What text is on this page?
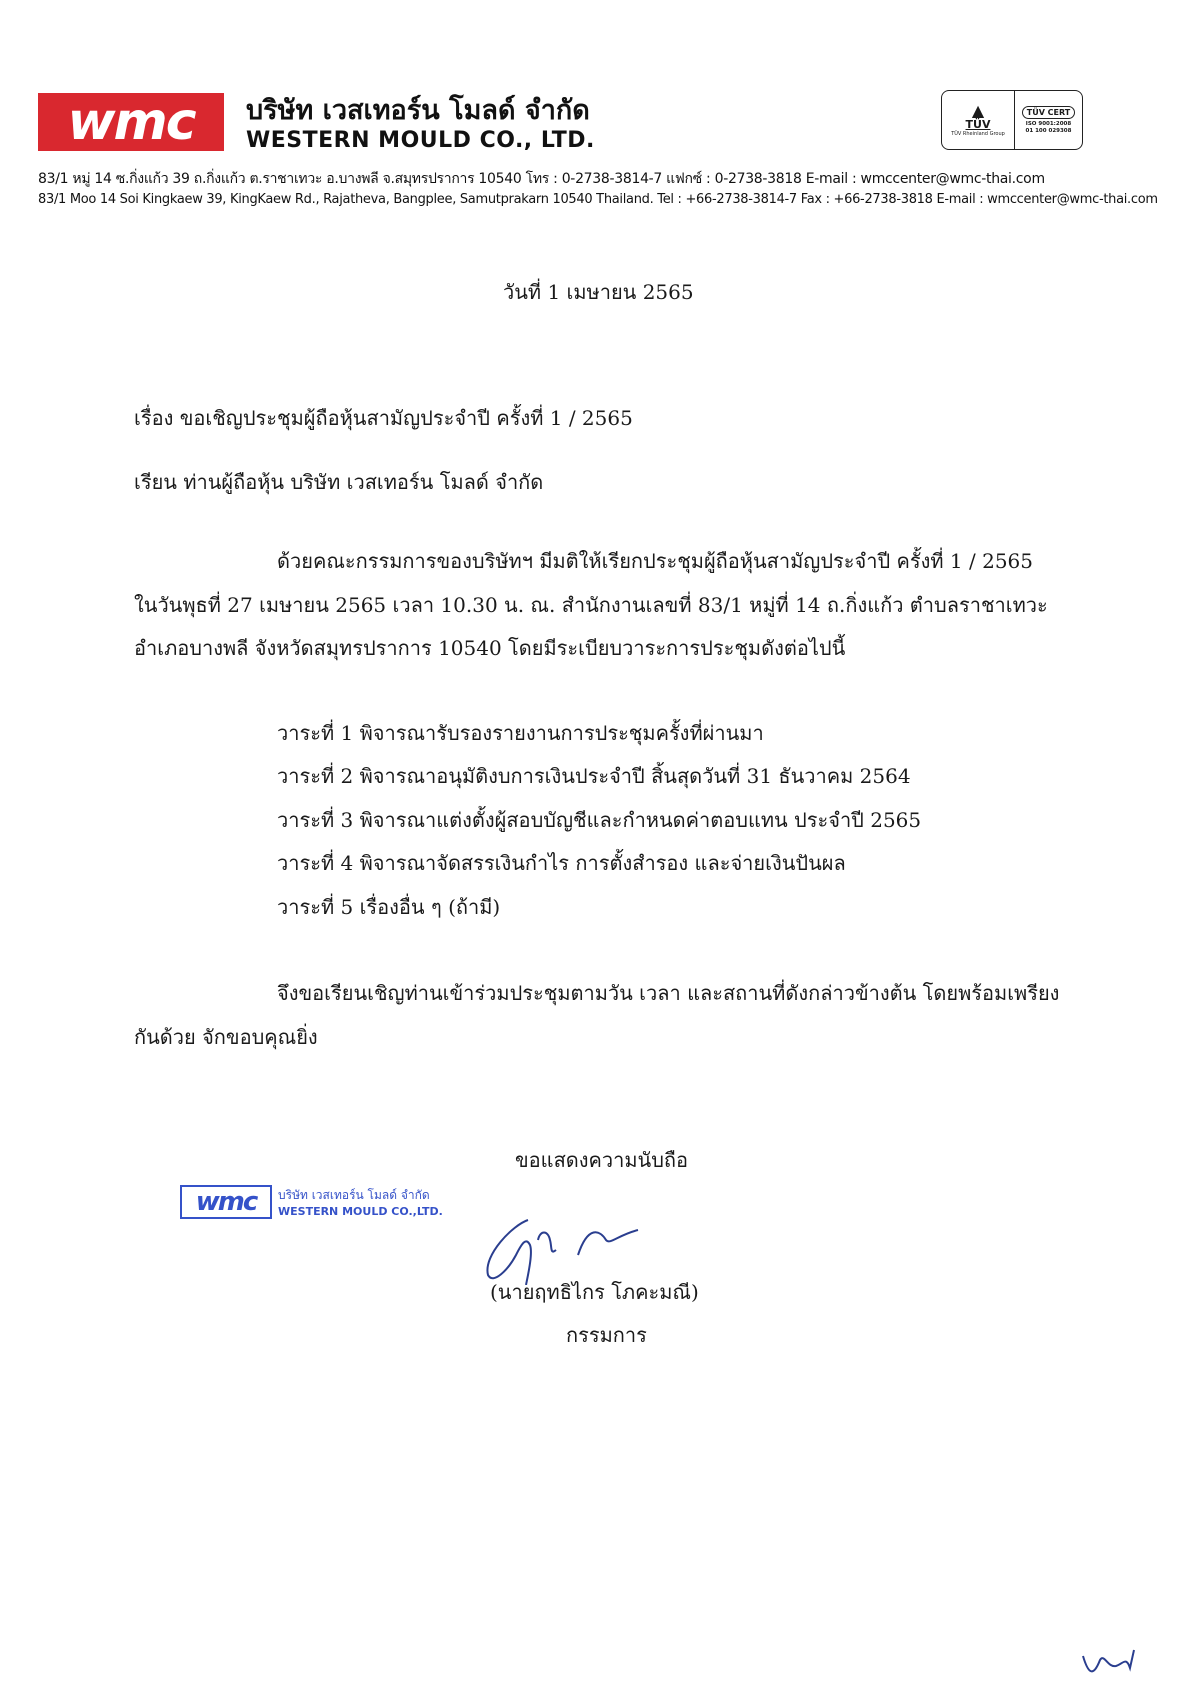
wmc บริษัท เวสเทอร์น โมลด์ จำกัด
WESTERN MOULD CO., LTD.
▲
TÜV
TÜV Rheinland Group
TÜV CERT
ISO 9001:2008
01 100 029308
83/1 หมู่ 14 ซ.กิ่งแก้ว 39 ถ.กิ่งแก้ว ต.ราชาเทวะ อ.บางพลี จ.สมุทรปราการ 10540 โทร : 0-2738-3814-7 แฟกซ์ : 0-2738-3818 E-mail : wmccenter@wmc-thai.com
83/1 Moo 14 Soi Kingkaew 39, KingKaew Rd., Rajatheva, Bangplee, Samutprakarn 10540 Thailand. Tel : +66-2738-3814-7 Fax : +66-2738-3818 E-mail : wmccenter@wmc-thai.com
วันที่ 1 เมษายน 2565
เรื่อง ขอเชิญประชุมผู้ถือหุ้นสามัญประจำปี ครั้งที่ 1 / 2565
เรียน ท่านผู้ถือหุ้น บริษัท เวสเทอร์น โมลด์ จำกัด
ด้วยคณะกรรมการของบริษัทฯ มีมติให้เรียกประชุมผู้ถือหุ้นสามัญประจำปี ครั้งที่ 1 / 2565
ในวันพุธที่ 27 เมษายน 2565 เวลา 10.30 น. ณ. สำนักงานเลขที่ 83/1 หมู่ที่ 14 ถ.กิ่งแก้ว ตำบลราชาเทวะ
อำเภอบางพลี จังหวัดสมุทรปราการ 10540 โดยมีระเบียบวาระการประชุมดังต่อไปนี้
วาระที่ 1 พิจารณารับรองรายงานการประชุมครั้งที่ผ่านมา
วาระที่ 2 พิจารณาอนุมัติงบการเงินประจำปี สิ้นสุดวันที่ 31 ธันวาคม 2564
วาระที่ 3 พิจารณาแต่งตั้งผู้สอบบัญชีและกำหนดค่าตอบแทน ประจำปี 2565
วาระที่ 4 พิจารณาจัดสรรเงินกำไร การตั้งสำรอง และจ่ายเงินปันผล
วาระที่ 5 เรื่องอื่น ๆ (ถ้ามี)
จึงขอเรียนเชิญท่านเข้าร่วมประชุมตามวัน เวลา และสถานที่ดังกล่าวข้างต้น โดยพร้อมเพรียง
กันด้วย จักขอบคุณยิ่ง
ขอแสดงความนับถือ
wmc	บริษัท เวสเทอร์น โมลด์ จำกัด
WESTERN MOULD CO.,LTD.
(นายฤทธิไกร โภคะมณี)
กรรมการ
